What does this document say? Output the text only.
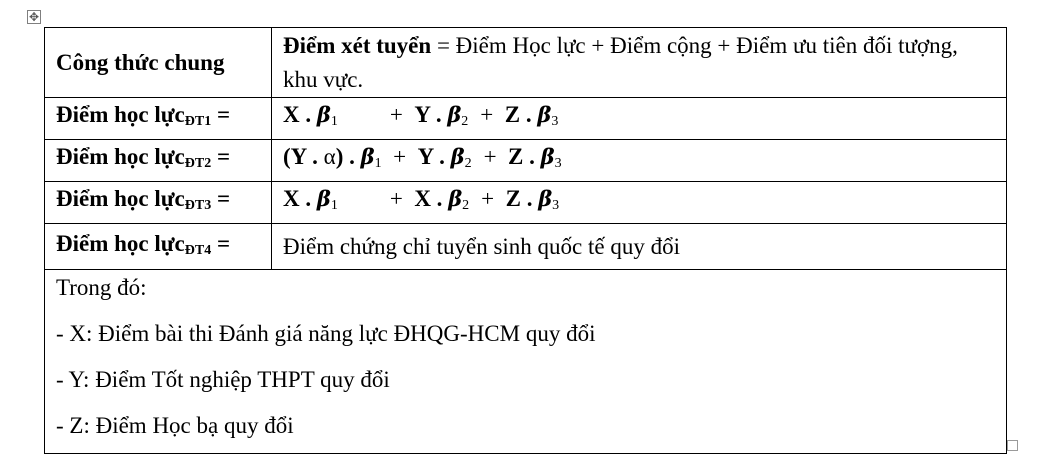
✥
Công thức chung	Điểm xét tuyển = Điểm Học lực + Điểm cộng + Điểm ưu tiên đối tượng, khu vực.
Điểm học lực$_{ĐT1}$ =	X . β1 + Y . β2 + Z . β3
Điểm học lực$_{ĐT2}$ =	(Y . α) . β1 + Y . β2 + Z . β3
Điểm học lực$_{ĐT3}$ =	X . β1 + X . β2 + Z . β3
Điểm học lực$_{ĐT4}$ =	Điểm chứng chỉ tuyển sinh quốc tế quy đổi

Trong đó:

- X: Điểm bài thi Đánh giá năng lực ĐHQG-HCM quy đổi

- Y: Điểm Tốt nghiệp THPT quy đổi

- Z: Điểm Học bạ quy đổi	
